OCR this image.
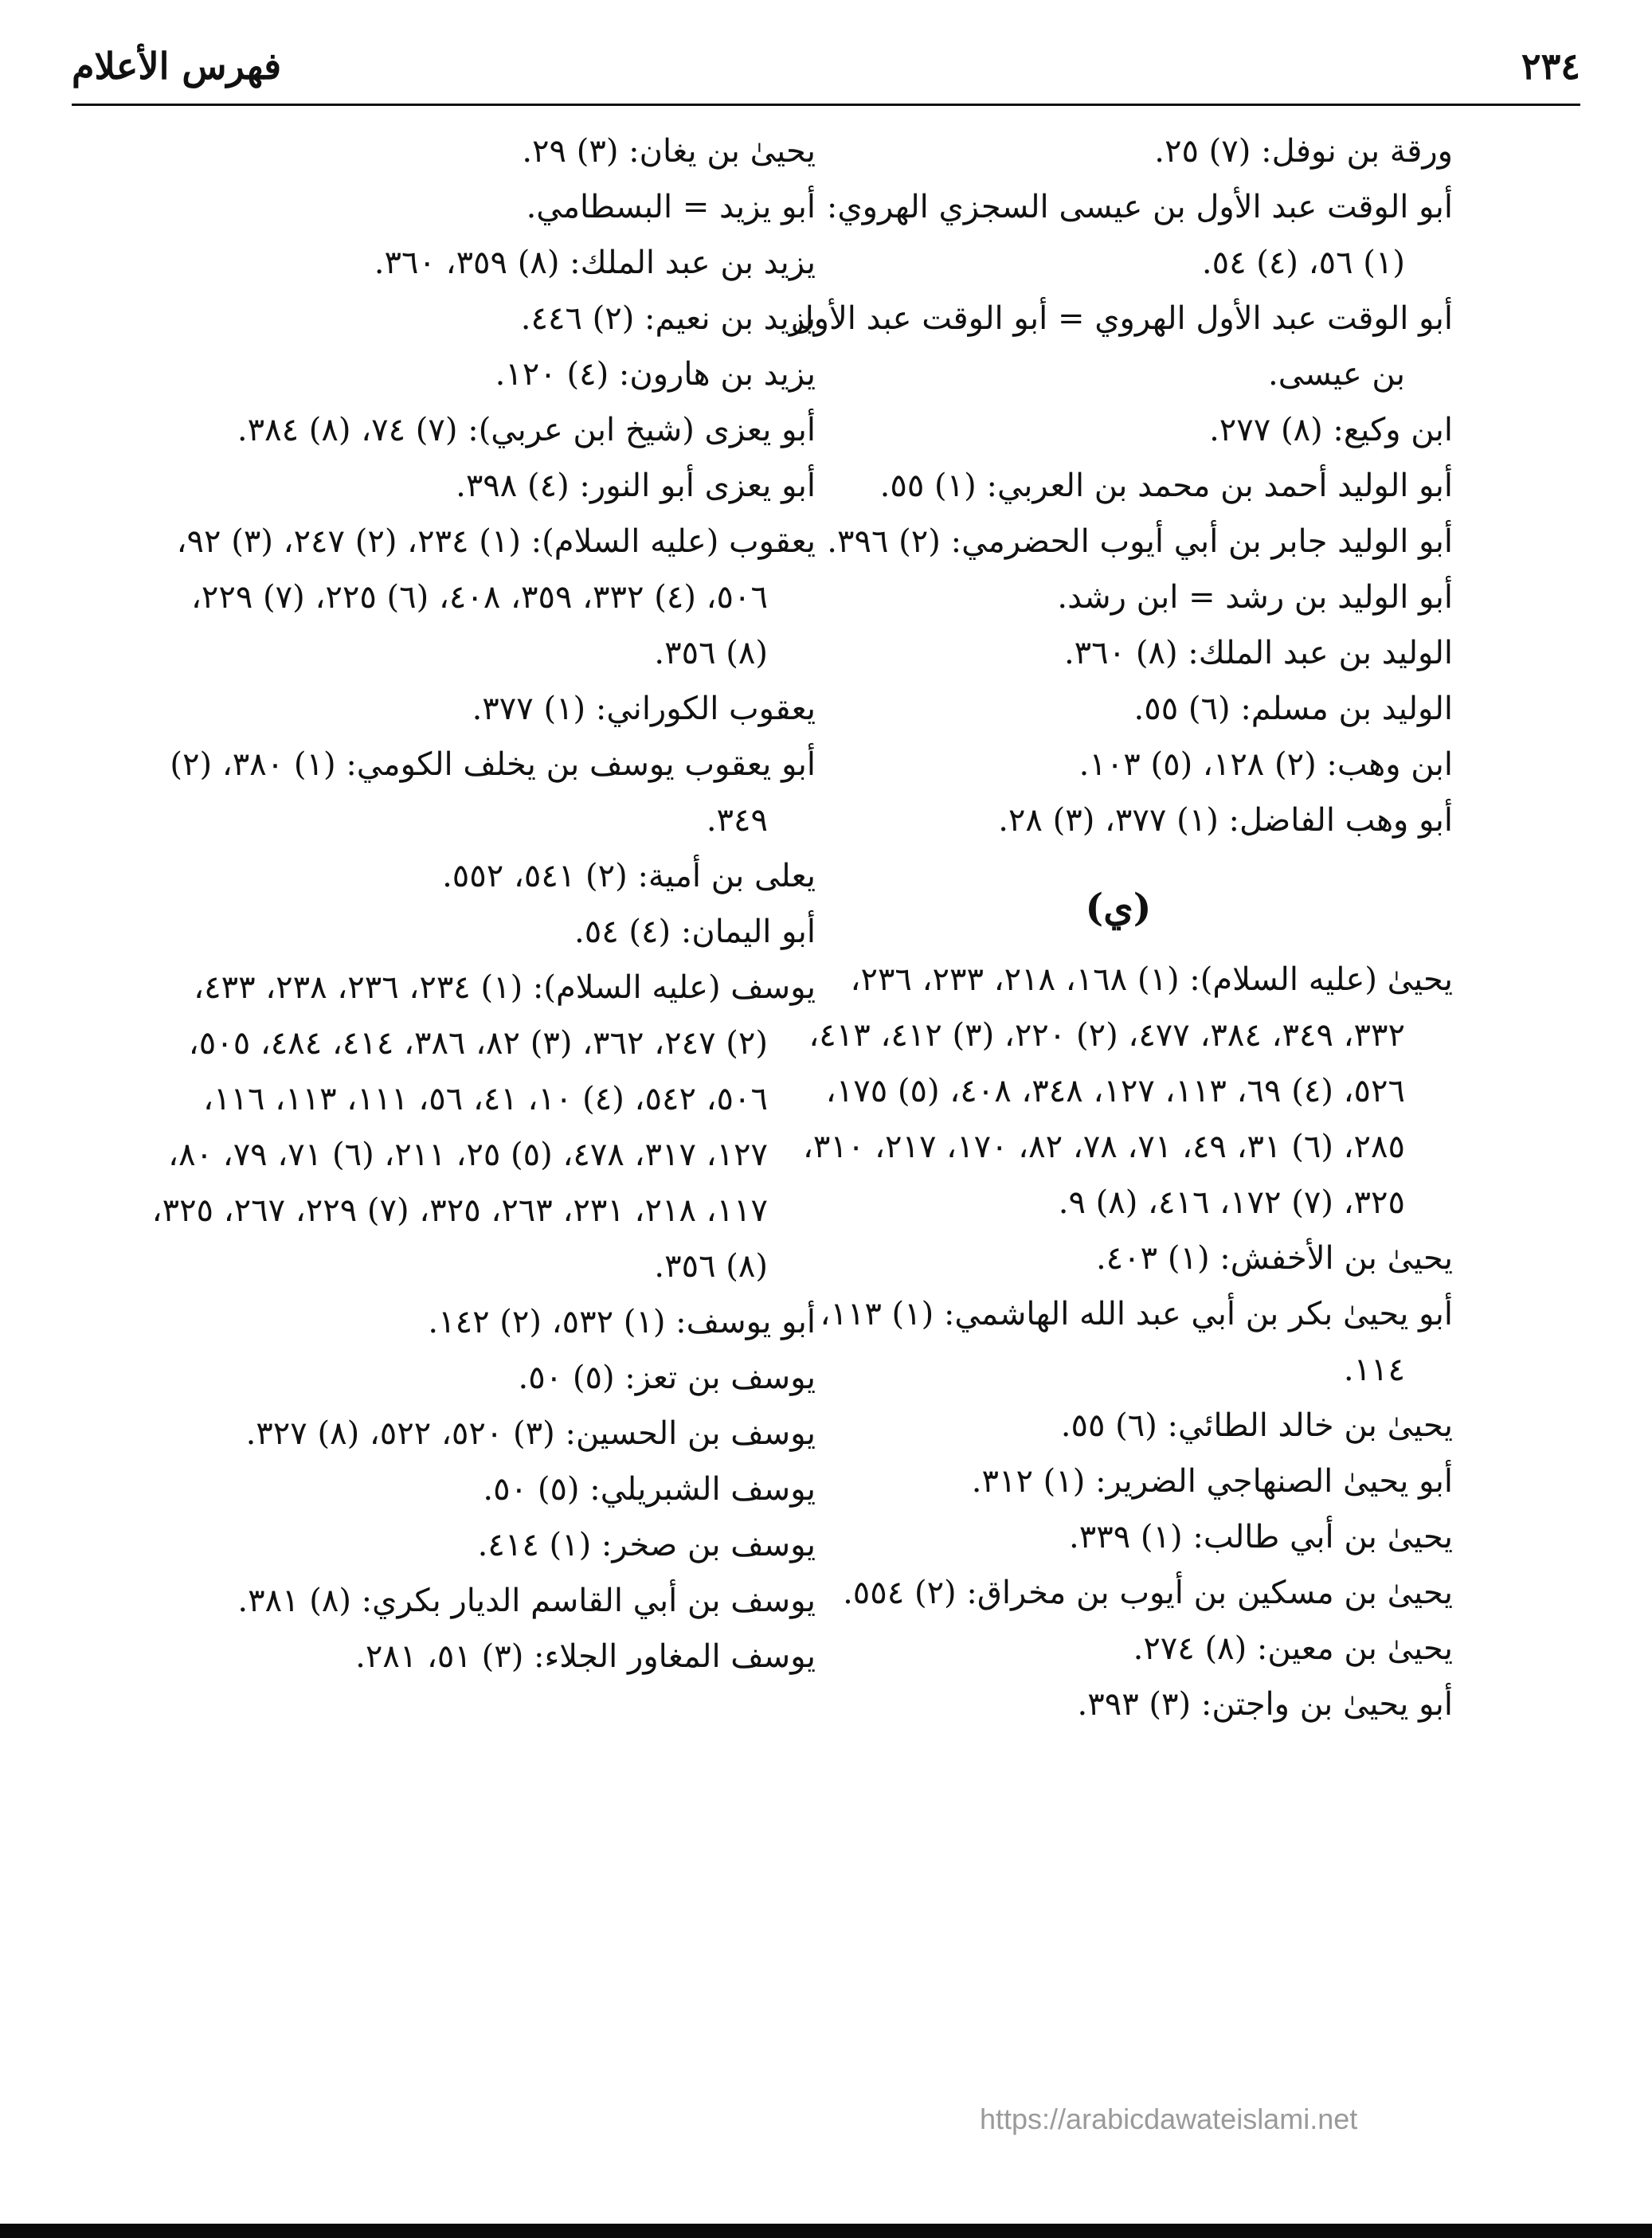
٢٣٤
فهرس الأعلام
ورقة بن نوفل: (٧) ٢٥.
أبو الوقت عبد الأول بن عيسى السجزي الهروي: (١) ٥٦، (٤) ٥٤.
أبو الوقت عبد الأول الهروي = أبو الوقت عبد الأول بن عيسى.
ابن وكيع: (٨) ٢٧٧.
أبو الوليد أحمد بن محمد بن العربي: (١) ٥٥.
أبو الوليد جابر بن أبي أيوب الحضرمي: (٢) ٣٩٦.
أبو الوليد بن رشد = ابن رشد.
الوليد بن عبد الملك: (٨) ٣٦٠.
الوليد بن مسلم: (٦) ٥٥.
ابن وهب: (٢) ١٢٨، (٥) ١٠٣.
أبو وهب الفاضل: (١) ٣٧٧، (٣) ٢٨.
(ي)
يحيىٰ (عليه السلام): (١) ١٦٨، ٢١٨، ٢٣٣، ٢٣٦، ٣٣٢، ٣٤٩، ٣٨٤، ٤٧٧، (٢) ٢٢٠، (٣) ٤١٢، ٤١٣، ٥٢٦، (٤) ٦٩، ١١٣، ١٢٧، ٣٤٨، ٤٠٨، (٥) ١٧٥، ٢٨٥، (٦) ٣١، ٤٩، ٧١، ٧٨، ٨٢، ١٧٠، ٢١٧، ٣١٠، ٣٢٥، (٧) ١٧٢، ٤١٦، (٨) ٩.
يحيىٰ بن الأخفش: (١) ٤٠٣.
أبو يحيىٰ بكر بن أبي عبد الله الهاشمي: (١) ١١٣، ١١٤.
يحيىٰ بن خالد الطائي: (٦) ٥٥.
أبو يحيىٰ الصنهاجي الضرير: (١) ٣١٢.
يحيىٰ بن أبي طالب: (١) ٣٣٩.
يحيىٰ بن مسكين بن أيوب بن مخراق: (٢) ٥٥٤.
يحيىٰ بن معين: (٨) ٢٧٤.
أبو يحيىٰ بن واجتن: (٣) ٣٩٣.
يحيىٰ بن يغان: (٣) ٢٩.
أبو يزيد = البسطامي.
يزيد بن عبد الملك: (٨) ٣٥٩، ٣٦٠.
يزيد بن نعيم: (٢) ٤٤٦.
يزيد بن هارون: (٤) ١٢٠.
أبو يعزى (شيخ ابن عربي): (٧) ٧٤، (٨) ٣٨٤.
أبو يعزى أبو النور: (٤) ٣٩٨.
يعقوب (عليه السلام): (١) ٢٣٤، (٢) ٢٤٧، (٣) ٩٢، ٥٠٦، (٤) ٣٣٢، ٣٥٩، ٤٠٨، (٦) ٢٢٥، (٧) ٢٢٩، (٨) ٣٥٦.
يعقوب الكوراني: (١) ٣٧٧.
أبو يعقوب يوسف بن يخلف الكومي: (١) ٣٨٠، (٢) ٣٤٩.
يعلى بن أمية: (٢) ٥٤١، ٥٥٢.
أبو اليمان: (٤) ٥٤.
يوسف (عليه السلام): (١) ٢٣٤، ٢٣٦، ٢٣٨، ٤٣٣، (٢) ٢٤٧، ٣٦٢، (٣) ٨٢، ٣٨٦، ٤١٤، ٤٨٤، ٥٠٥، ٥٠٦، ٥٤٢، (٤) ١٠، ٤١، ٥٦، ١١١، ١١٣، ١١٦، ١٢٧، ٣١٧، ٤٧٨، (٥) ٢٥، ٢١١، (٦) ٧١، ٧٩، ٨٠، ١١٧، ٢١٨، ٢٣١، ٢٦٣، ٣٢٥، (٧) ٢٢٩، ٢٦٧، ٣٢٥، (٨) ٣٥٦.
أبو يوسف: (١) ٥٣٢، (٢) ١٤٢.
يوسف بن تعز: (٥) ٥٠.
يوسف بن الحسين: (٣) ٥٢٠، ٥٢٢، (٨) ٣٢٧.
يوسف الشبريلي: (٥) ٥٠.
يوسف بن صخر: (١) ٤١٤.
يوسف بن أبي القاسم الديار بكري: (٨) ٣٨١.
يوسف المغاور الجلاء: (٣) ٥١، ٢٨١.
https://arabicdawateislami.net
